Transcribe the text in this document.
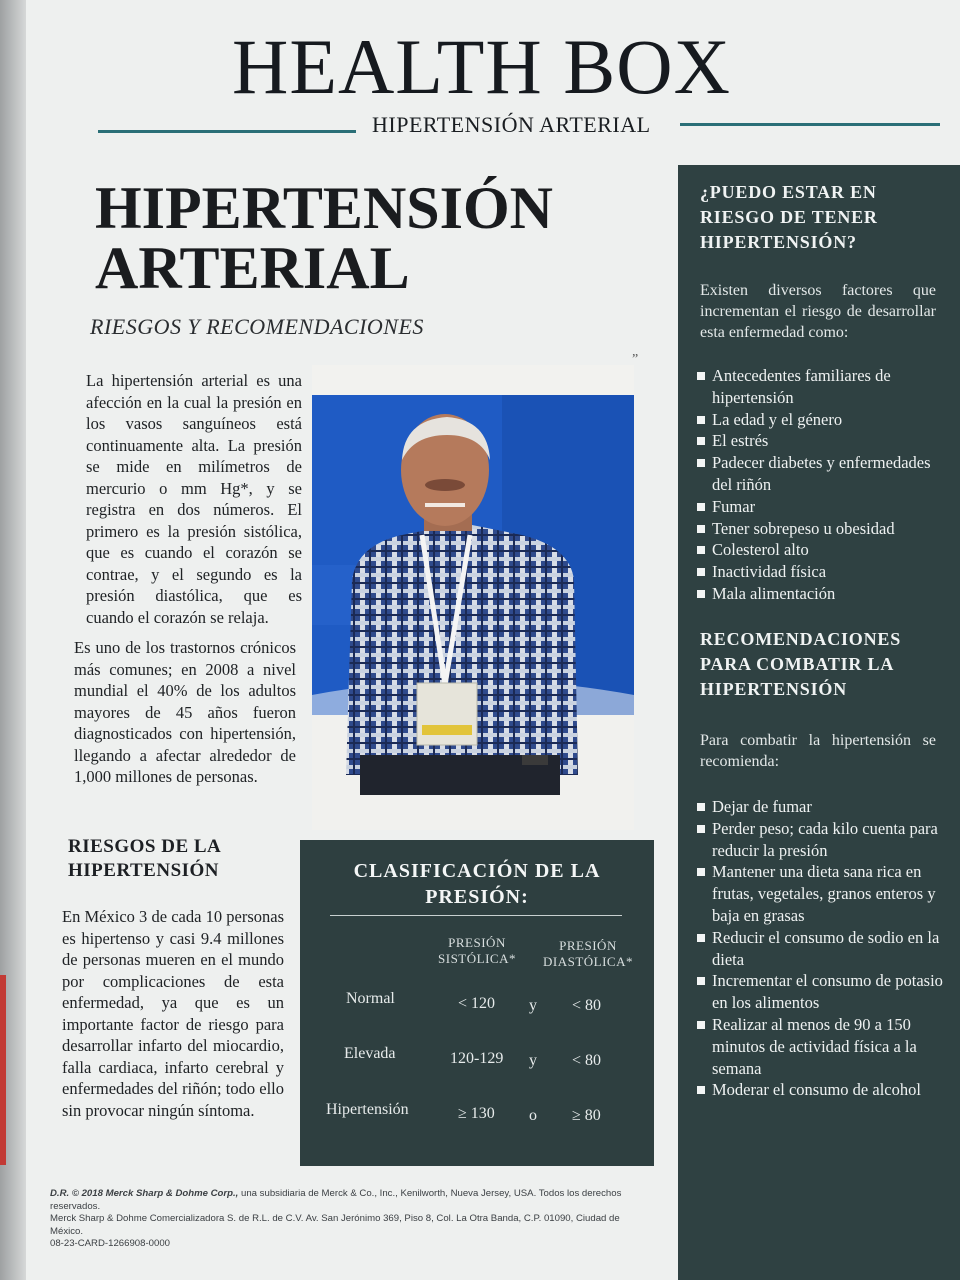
HEALTH BOX
HIPERTENSIÓN ARTERIAL
HIPERTENSIÓN
ARTERIAL
RIESGOS Y RECOMENDACIONES

La hipertensión arterial es una afección en la cual la presión en los vasos sanguíneos está continuamente alta. La presión se mide en milímetros de mercurio o mm Hg*, y se registra en dos números. El primero es la presión sistólica, que es cuando el corazón se contrae, y el segundo es la presión diastólica, que es cuando el corazón se relaja.

”

Es uno de los trastornos crónicos más comunes; en 2008 a nivel mundial el 40% de los adultos mayores de 45 años fueron diagnosticados con hipertensión, llegando a afectar alrededor de 1,000 millones de personas.

RIESGOS DE LA
HIPERTENSIÓN

En México 3 de cada 10 personas es hipertenso y casi 9.4 millones de personas mueren en el mundo por complicaciones de esta enfermedad, ya que es un importante factor de riesgo para desarrollar infarto del miocardio, falla cardiaca, infarto cerebral y enfermedades del riñón; todo ello sin provocar ningún síntoma.

CLASIFICACIÓN DE LA
PRESIÓN:
PRESIÓN
SISTÓLICA*
PRESIÓN
DIASTÓLICA*
Normal	< 120 y < 80
Elevada	120-129 y < 80
Hipertensión	≥ 130 o ≥ 80
¿PUEDO ESTAR EN
RIESGO DE TENER
HIPERTENSIÓN?

Existen diversos factores que incrementan el riesgo de desarrollar esta enfermedad como:

Antecedentes familiares de hipertensión
La edad y el género
El estrés
Padecer diabetes y enfermedades del riñón
Fumar
Tener sobrepeso u obesidad
Colesterol alto
Inactividad física
Mala alimentación
RECOMENDACIONES
PARA COMBATIR LA
HIPERTENSIÓN

Para combatir la hipertensión se recomienda:

Dejar de fumar
Perder peso; cada kilo cuenta para reducir la presión
Mantener una dieta sana rica en frutas, vegetales, granos enteros y baja en grasas
Reducir el consumo de sodio en la dieta
Incrementar el consumo de potasio en los alimentos
Realizar al menos de 90 a 150 minutos de actividad física a la semana
Moderar el consumo de alcohol

D.R. © 2018 Merck Sharp & Dohme Corp., una subsidiaria de Merck & Co., Inc., Kenilworth, Nueva Jersey, USA. Todos los derechos reservados.
Merck Sharp & Dohme Comercializadora S. de R.L. de C.V. Av. San Jerónimo 369, Piso 8, Col. La Otra Banda, C.P. 01090, Ciudad de México.
08-23-CARD-1266908-0000
